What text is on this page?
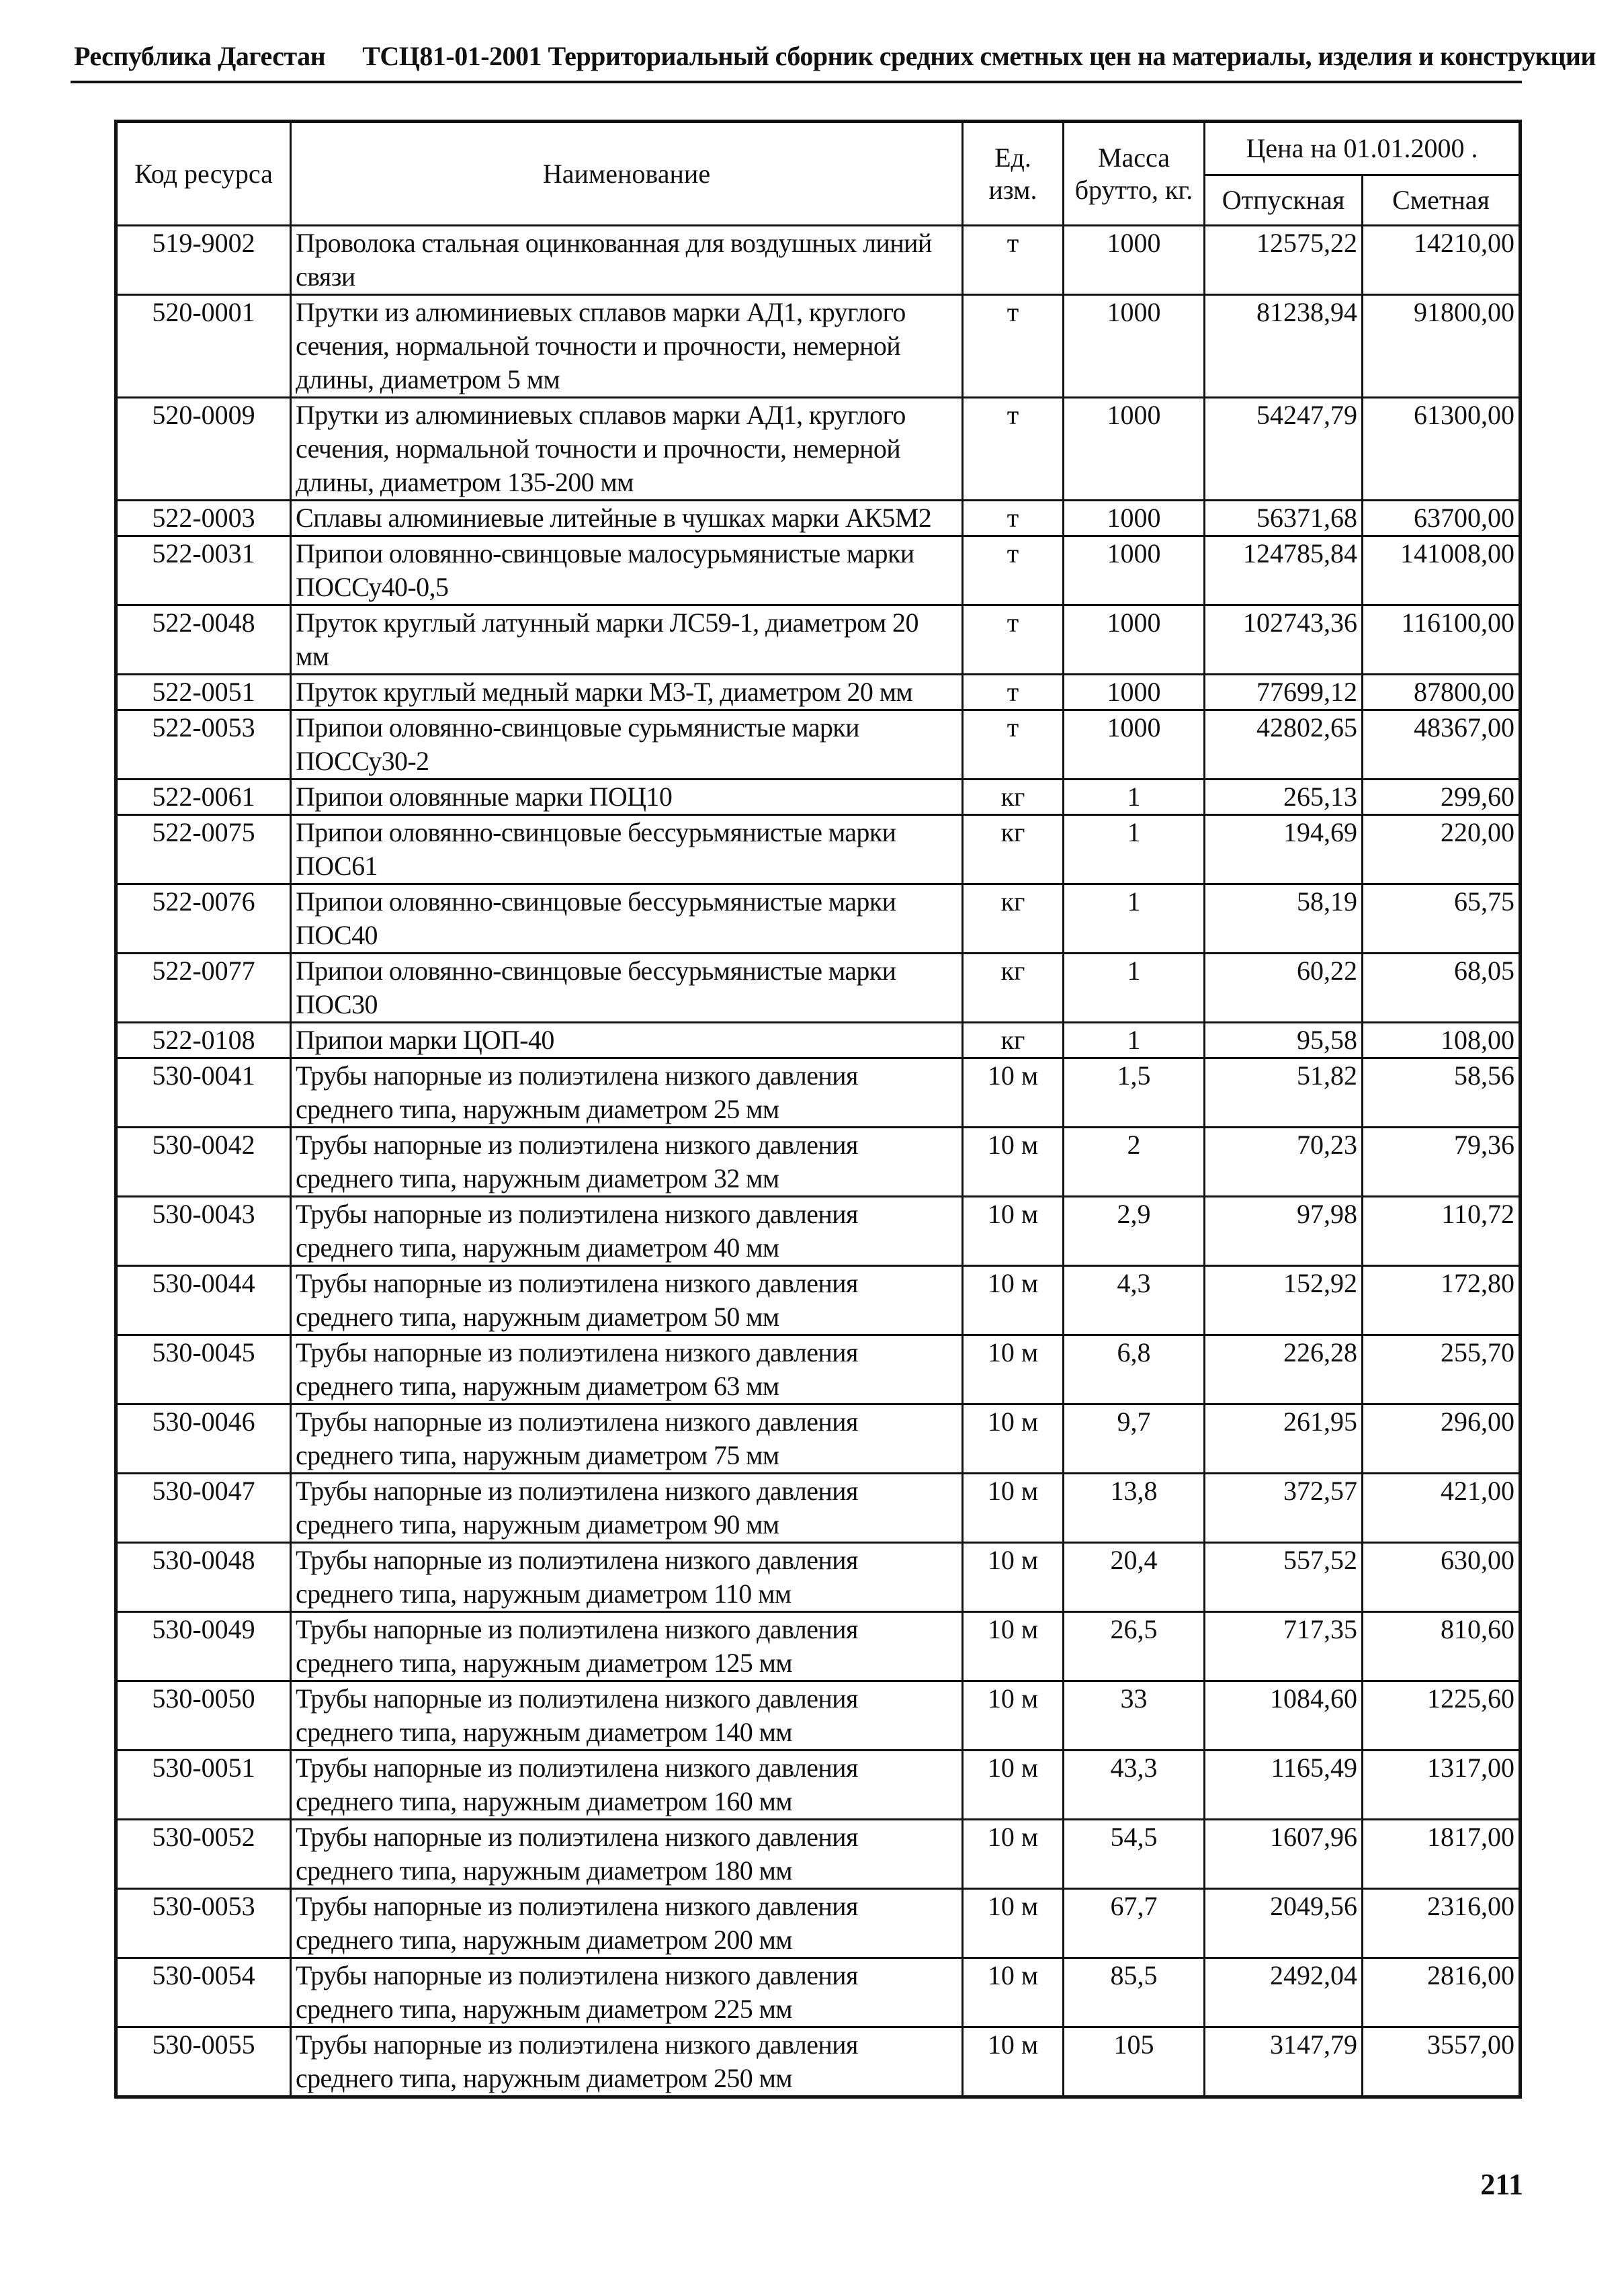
Республика Дагестан ТСЦ81-01-2001 Территориальный сборник средних сметных цен на материалы, изделия и конструкции
Код ресурса	Наименование	Ед. изм.	Масса брутто, кг.	Цена на 01.01.2000 .	
				Отпускная	Сметная
519-9002	Проволока стальная оцинкованная для воздушных линий связи	т	1000	12575,22	14210,00
520-0001	Прутки из алюминиевых сплавов марки АД1, круглого сечения, нормальной точности и прочности, немерной длины, диаметром 5 мм	т	1000	81238,94	91800,00
520-0009	Прутки из алюминиевых сплавов марки АД1, круглого сечения, нормальной точности и прочности, немерной длины, диаметром 135-200 мм	т	1000	54247,79	61300,00
522-0003	Сплавы алюминиевые литейные в чушках марки АК5М2	т	1000	56371,68	63700,00
522-0031	Припои оловянно-свинцовые малосурьмянистые марки ПОССу40-0,5	т	1000	124785,84	141008,00
522-0048	Пруток круглый латунный марки ЛС59-1, диаметром 20 мм	т	1000	102743,36	116100,00
522-0051	Пруток круглый медный марки М3-Т, диаметром 20 мм	т	1000	77699,12	87800,00
522-0053	Припои оловянно-свинцовые сурьмянистые марки ПОССу30-2	т	1000	42802,65	48367,00
522-0061	Припои оловянные марки ПОЦ10	кг	1	265,13	299,60
522-0075	Припои оловянно-свинцовые бессурьмянистые марки ПОС61	кг	1	194,69	220,00
522-0076	Припои оловянно-свинцовые бессурьмянистые марки ПОС40	кг	1	58,19	65,75
522-0077	Припои оловянно-свинцовые бессурьмянистые марки ПОС30	кг	1	60,22	68,05
522-0108	Припои марки ЦОП-40	кг	1	95,58	108,00
530-0041	Трубы напорные из полиэтилена низкого давления среднего типа, наружным диаметром 25 мм	10 м	1,5	51,82	58,56
530-0042	Трубы напорные из полиэтилена низкого давления среднего типа, наружным диаметром 32 мм	10 м	2	70,23	79,36
530-0043	Трубы напорные из полиэтилена низкого давления среднего типа, наружным диаметром 40 мм	10 м	2,9	97,98	110,72
530-0044	Трубы напорные из полиэтилена низкого давления среднего типа, наружным диаметром 50 мм	10 м	4,3	152,92	172,80
530-0045	Трубы напорные из полиэтилена низкого давления среднего типа, наружным диаметром 63 мм	10 м	6,8	226,28	255,70
530-0046	Трубы напорные из полиэтилена низкого давления среднего типа, наружным диаметром 75 мм	10 м	9,7	261,95	296,00
530-0047	Трубы напорные из полиэтилена низкого давления среднего типа, наружным диаметром 90 мм	10 м	13,8	372,57	421,00
530-0048	Трубы напорные из полиэтилена низкого давления среднего типа, наружным диаметром 110 мм	10 м	20,4	557,52	630,00
530-0049	Трубы напорные из полиэтилена низкого давления среднего типа, наружным диаметром 125 мм	10 м	26,5	717,35	810,60
530-0050	Трубы напорные из полиэтилена низкого давления среднего типа, наружным диаметром 140 мм	10 м	33	1084,60	1225,60
530-0051	Трубы напорные из полиэтилена низкого давления среднего типа, наружным диаметром 160 мм	10 м	43,3	1165,49	1317,00
530-0052	Трубы напорные из полиэтилена низкого давления среднего типа, наружным диаметром 180 мм	10 м	54,5	1607,96	1817,00
530-0053	Трубы напорные из полиэтилена низкого давления среднего типа, наружным диаметром 200 мм	10 м	67,7	2049,56	2316,00
530-0054	Трубы напорные из полиэтилена низкого давления среднего типа, наружным диаметром 225 мм	10 м	85,5	2492,04	2816,00
530-0055	Трубы напорные из полиэтилена низкого давления среднего типа, наружным диаметром 250 мм	10 м	105	3147,79	3557,00
211
